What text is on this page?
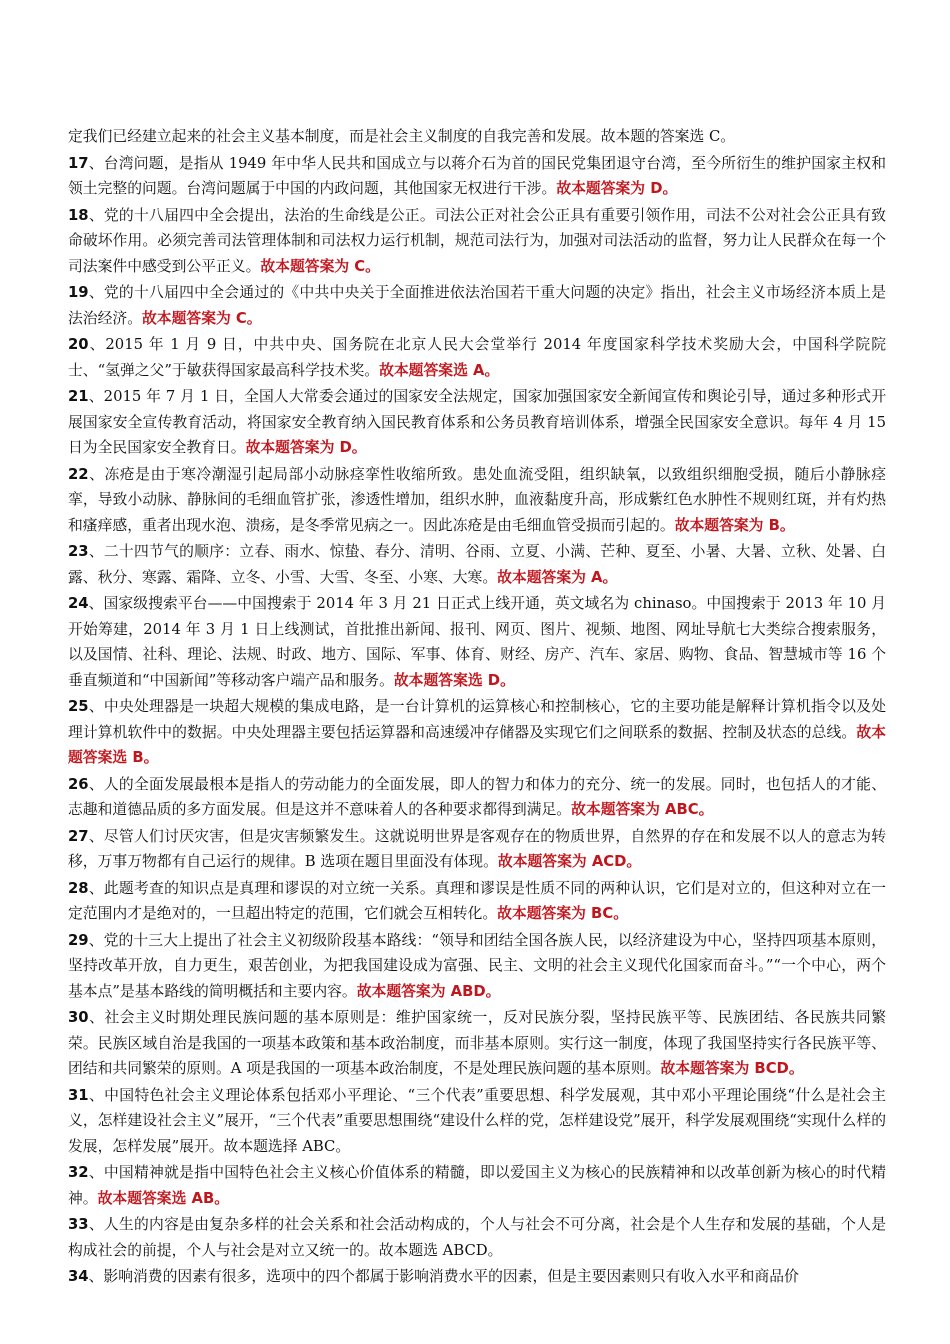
定我们已经建立起来的社会主义基本制度，而是社会主义制度的自我完善和发展。故本题的答案选 C。
17、台湾问题，是指从 1949 年中华人民共和国成立与以蒋介石为首的国民党集团退守台湾，至今所衍生的维护国家主权和领土完整的问题。台湾问题属于中国的内政问题，其他国家无权进行干涉。故本题答案为 D。
18、党的十八届四中全会提出，法治的生命线是公正。司法公正对社会公正具有重要引领作用，司法不公对社会公正具有致命破坏作用。必须完善司法管理体制和司法权力运行机制，规范司法行为，加强对司法活动的监督，努力让人民群众在每一个司法案件中感受到公平正义。故本题答案为 C。
19、党的十八届四中全会通过的《中共中央关于全面推进依法治国若干重大问题的决定》指出，社会主义市场经济本质上是法治经济。故本题答案为 C。
20、2015 年 1 月 9 日，中共中央、国务院在北京人民大会堂举行 2014 年度国家科学技术奖励大会，中国科学院院士、“氢弹之父”于敏获得国家最高科学技术奖。故本题答案选 A。
21、2015 年 7 月 1 日，全国人大常委会通过的国家安全法规定，国家加强国家安全新闻宣传和舆论引导，通过多种形式开展国家安全宣传教育活动，将国家安全教育纳入国民教育体系和公务员教育培训体系，增强全民国家安全意识。每年 4 月 15 日为全民国家安全教育日。故本题答案为 D。
22、冻疮是由于寒冷潮湿引起局部小动脉痉挛性收缩所致。患处血流受阻，组织缺氧，以致组织细胞受损，随后小静脉痉挛，导致小动脉、静脉间的毛细血管扩张，渗透性增加，组织水肿，血液黏度升高，形成紫红色水肿性不规则红斑，并有灼热和瘙痒感，重者出现水泡、溃疡，是冬季常见病之一。因此冻疮是由毛细血管受损而引起的。故本题答案为 B。
23、二十四节气的顺序：立春、雨水、惊蛰、春分、清明、谷雨、立夏、小满、芒种、夏至、小暑、大暑、立秋、处暑、白露、秋分、寒露、霜降、立冬、小雪、大雪、冬至、小寒、大寒。故本题答案为 A。
24、国家级搜索平台——中国搜索于 2014 年 3 月 21 日正式上线开通，英文域名为 chinaso。中国搜索于 2013 年 10 月开始筹建，2014 年 3 月 1 日上线测试，首批推出新闻、报刊、网页、图片、视频、地图、网址导航七大类综合搜索服务，以及国情、社科、理论、法规、时政、地方、国际、军事、体育、财经、房产、汽车、家居、购物、食品、智慧城市等 16 个垂直频道和“中国新闻”等移动客户端产品和服务。故本题答案选 D。
25、中央处理器是一块超大规模的集成电路，是一台计算机的运算核心和控制核心，它的主要功能是解释计算机指令以及处理计算机软件中的数据。中央处理器主要包括运算器和高速缓冲存储器及实现它们之间联系的数据、控制及状态的总线。故本题答案选 B。
26、人的全面发展最根本是指人的劳动能力的全面发展，即人的智力和体力的充分、统一的发展。同时，也包括人的才能、志趣和道德品质的多方面发展。但是这并不意味着人的各种要求都得到满足。故本题答案为 ABC。
27、尽管人们讨厌灾害，但是灾害频繁发生。这就说明世界是客观存在的物质世界，自然界的存在和发展不以人的意志为转移，万事万物都有自己运行的规律。B 选项在题目里面没有体现。故本题答案为 ACD。
28、此题考查的知识点是真理和谬误的对立统一关系。真理和谬误是性质不同的两种认识，它们是对立的，但这种对立在一定范围内才是绝对的，一旦超出特定的范围，它们就会互相转化。故本题答案为 BC。
29、党的十三大上提出了社会主义初级阶段基本路线：“领导和团结全国各族人民，以经济建设为中心，坚持四项基本原则，坚持改革开放，自力更生，艰苦创业，为把我国建设成为富强、民主、文明的社会主义现代化国家而奋斗。”“一个中心，两个基本点”是基本路线的简明概括和主要内容。故本题答案为 ABD。
30、社会主义时期处理民族问题的基本原则是：维护国家统一，反对民族分裂，坚持民族平等、民族团结、各民族共同繁荣。民族区域自治是我国的一项基本政策和基本政治制度，而非基本原则。实行这一制度，体现了我国坚持实行各民族平等、团结和共同繁荣的原则。A 项是我国的一项基本政治制度，不是处理民族问题的基本原则。故本题答案为 BCD。
31、中国特色社会主义理论体系包括邓小平理论、“三个代表”重要思想、科学发展观，其中邓小平理论围绕“什么是社会主义，怎样建设社会主义”展开，“三个代表”重要思想围绕“建设什么样的党，怎样建设党”展开，科学发展观围绕“实现什么样的发展，怎样发展”展开。故本题选择 ABC。
32、中国精神就是指中国特色社会主义核心价值体系的精髓，即以爱国主义为核心的民族精神和以改革创新为核心的时代精神。故本题答案选 AB。
33、人生的内容是由复杂多样的社会关系和社会活动构成的，个人与社会不可分离，社会是个人生存和发展的基础，个人是构成社会的前提，个人与社会是对立又统一的。故本题选 ABCD。
34、影响消费的因素有很多，选项中的四个都属于影响消费水平的因素，但是主要因素则只有收入水平和商品价
